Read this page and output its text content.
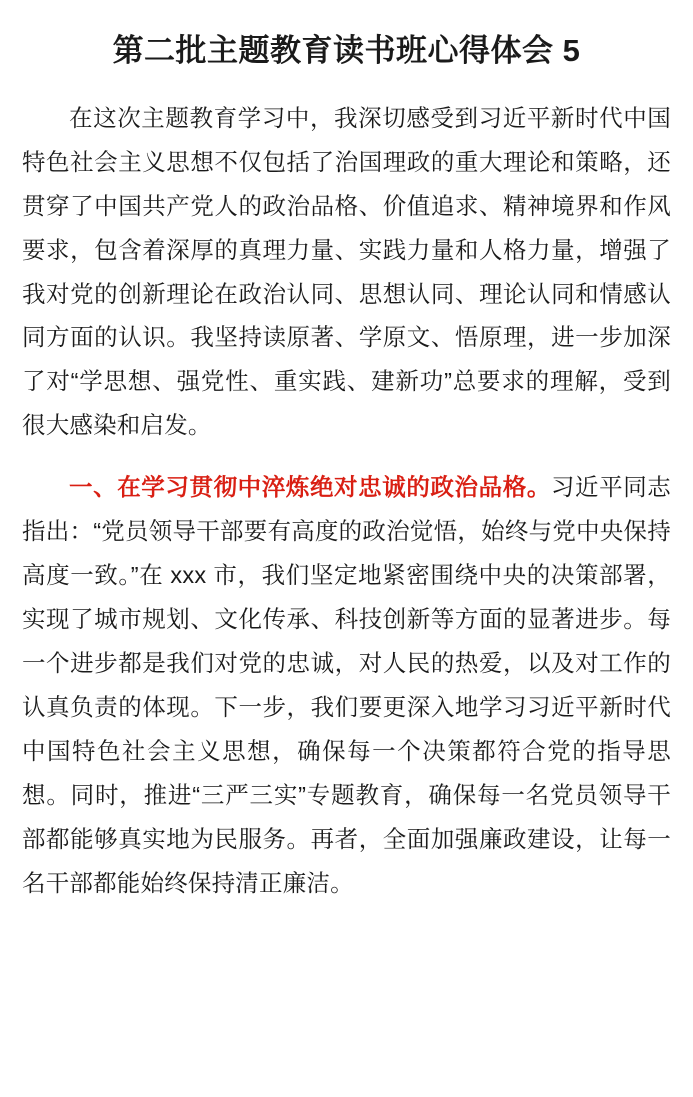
第二批主题教育读书班心得体会 5

在这次主题教育学习中，我深切感受到习近平新时代中国特色社会主义思想不仅包括了治国理政的重大理论和策略，还贯穿了中国共产党人的政治品格、价值追求、精神境界和作风要求，包含着深厚的真理力量、实践力量和人格力量，增强了我对党的创新理论在政治认同、思想认同、理论认同和情感认同方面的认识。我坚持读原著、学原文、悟原理，进一步加深了对“学思想、强党性、重实践、建新功”总要求的理解，受到很大感染和启发。

一、在学习贯彻中淬炼绝对忠诚的政治品格。习近平同志指出：“党员领导干部要有高度的政治觉悟，始终与党中央保持高度一致。”在 xxx 市，我们坚定地紧密围绕中央的决策部署，实现了城市规划、文化传承、科技创新等方面的显著进步。每一个进步都是我们对党的忠诚，对人民的热爱，以及对工作的认真负责的体现。下一步，我们要更深入地学习习近平新时代中国特色社会主义思想，确保每一个决策都符合党的指导思想。同时，推进“三严三实”专题教育，确保每一名党员领导干部都能够真实地为民服务。再者，全面加强廉政建设，让每一名干部都能始终保持清正廉洁。
